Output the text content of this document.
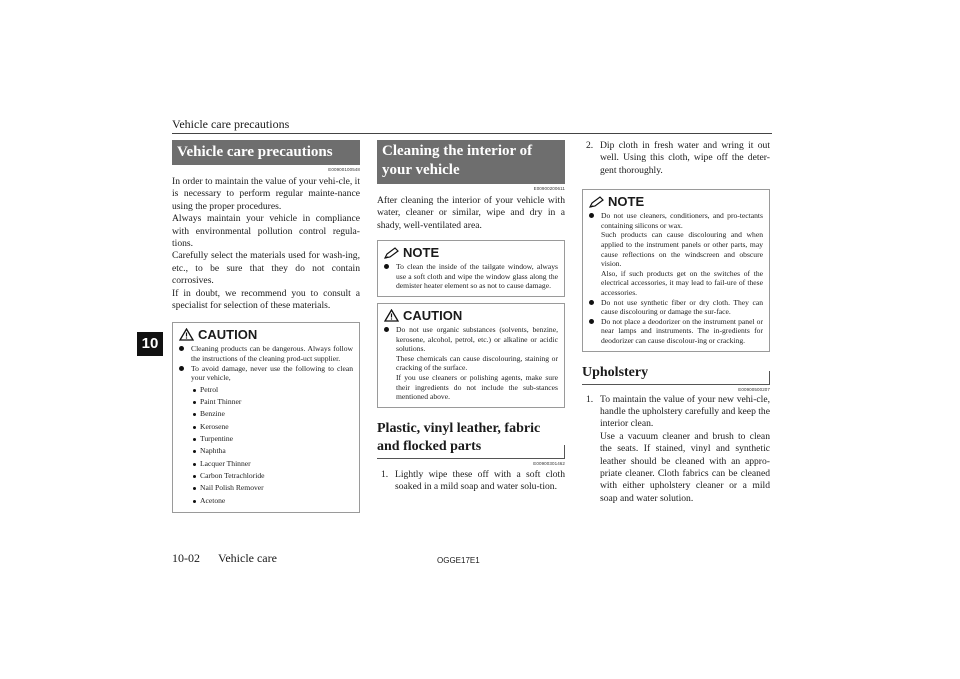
Vehicle care precautions
10
Vehicle care precautions
E00900100548

In order to maintain the value of your vehi-cle, it is necessary to perform regular mainte-nance using the proper procedures.

Always maintain your vehicle in compliance with environmental pollution control regula-tions.

Carefully select the materials used for wash-ing, etc., to be sure that they do not contain corrosives.

If in doubt, we recommend you to consult a specialist for selection of these materials.

CAUTION
Cleaning products can be dangerous. Always follow the instructions of the cleaning prod-uct supplier.
To avoid damage, never use the following to clean your vehicle,
Petrol
Paint Thinner
Benzine
Kerosene
Turpentine
Naphtha
Lacquer Thinner
Carbon Tetrachloride
Nail Polish Remover
Acetone
Cleaning the interior of your vehicle
E00900200611

After cleaning the interior of your vehicle with water, cleaner or similar, wipe and dry in a shady, well-ventilated area.

NOTE
To clean the inside of the tailgate window, always use a soft cloth and wipe the window glass along the demister heater element so as not to cause damage.
CAUTION
Do not use organic substances (solvents, benzine, kerosene, alcohol, petrol, etc.) or alkaline or acidic solutions.
These chemicals can cause discolouring, staining or cracking of the surface.
If you use cleaners or polishing agents, make sure their ingredients do not include the sub-stances mentioned above.
Plastic, vinyl leather, fabric and flocked parts
E00900301462
1. Lightly wipe these off with a soft cloth soaked in a mild soap and water solu-tion.
2. Dip cloth in fresh water and wring it out well. Using this cloth, wipe off the deter-gent thoroughly.
NOTE
Do not use cleaners, conditioners, and pro-tectants containing silicons or wax.
Such products can cause discolouring and when applied to the instrument panels or other parts, may cause reflections on the windscreen and obscure vision.
Also, if such products get on the switches of the electrical accessories, it may lead to fail-ure of these accessories.
Do not use synthetic fiber or dry cloth. They can cause discolouring or damage the sur-face.
Do not place a deodorizer on the instrument panel or near lamps and instruments. The in-gredients for deodorizer can cause discolour-ing or cracking.
Upholstery
E00900500207
1. To maintain the value of your new vehi-cle, handle the upholstery carefully and keep the interior clean.
Use a vacuum cleaner and brush to clean the seats. If stained, vinyl and synthetic leather should be cleaned with an appro-priate cleaner. Cloth fabrics can be cleaned with either upholstery cleaner or a mild soap and water solution.
10-02 Vehicle care	OGGE17E1
